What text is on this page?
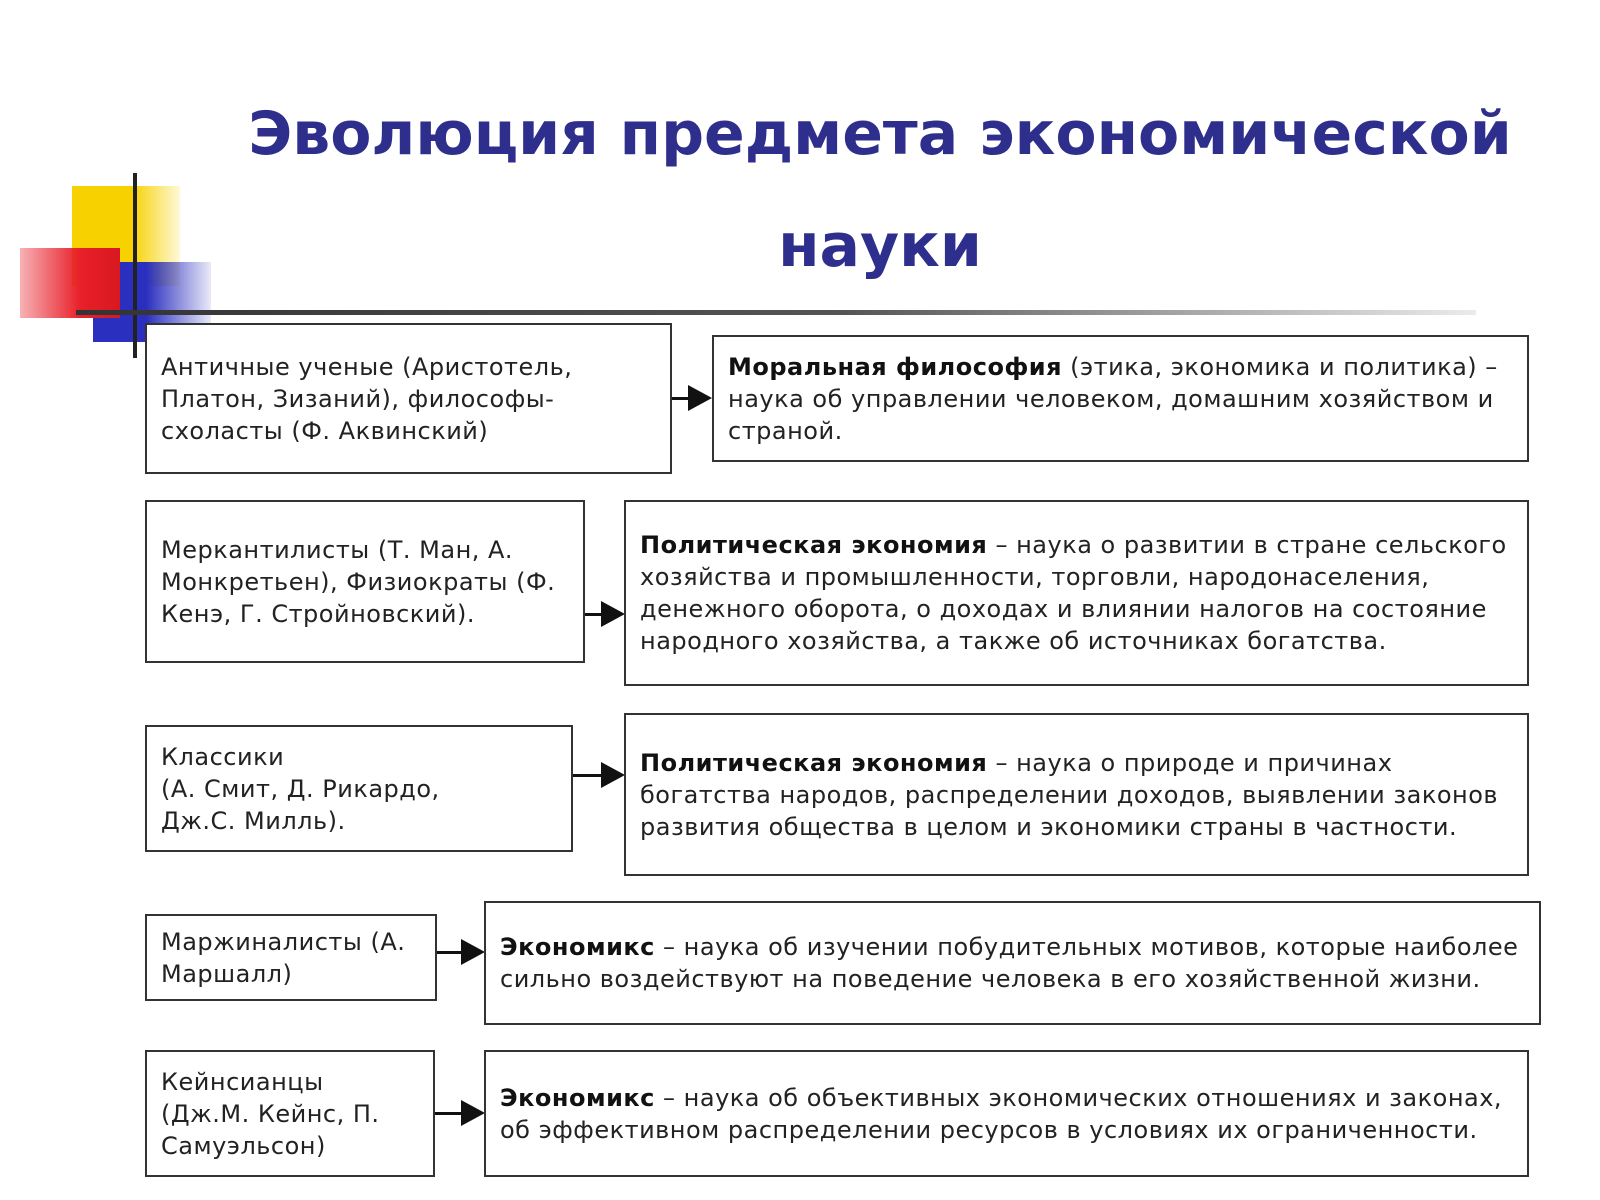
Эволюция предмета экономической науки
Античные ученые (Аристотель,
Платон, Зизаний), философы-
схоласты (Ф. Аквинский)
Моральная философия (этика, экономика и политика) – наука об управлении человеком, домашним хозяйством и страной.
Меркантилисты (Т. Ман, А.
Монкретьен), Физиократы (Ф.
Кенэ, Г. Стройновский).
Политическая экономия – наука о развитии в стране сельского хозяйства и промышленности, торговли, народонаселения, денежного оборота, о доходах и влиянии налогов на состояние народного хозяйства, а также об источниках богатства.
Классики
(А. Смит, Д. Рикардо,
Дж.С. Милль).
Политическая экономия – наука о природе и причинах богатства народов, распределении доходов, выявлении законов развития общества в целом и экономики страны в частности.
Маржиналисты (А.
Маршалл)
Экономикс – наука об изучении побудительных мотивов, которые наиболее сильно воздействуют на поведение человека в его хозяйственной жизни.
Кейнсианцы
(Дж.М. Кейнс, П.
Самуэльсон)
Экономикс – наука об объективных экономических отношениях и законах, об эффективном распределении ресурсов в условиях их ограниченности.
